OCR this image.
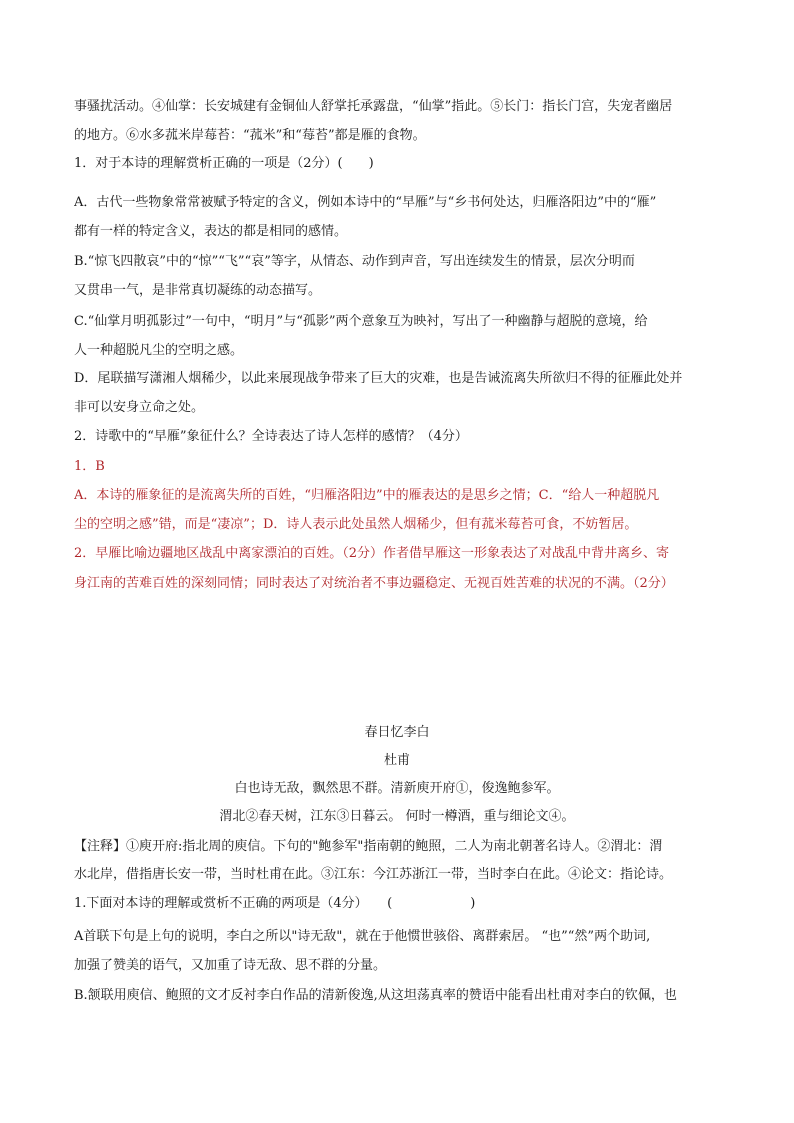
事骚扰活动。④仙掌：长安城建有金铜仙人舒掌托承露盘，“仙掌”指此。⑤长门：指长门宫，失宠者幽居
的地方。⑥水多菰米岸莓苔：“菰米”和“莓苔”都是雁的食物。
1．对于本诗的理解赏析正确的一项是（2分）(　　)
A．古代一些物象常常被赋予特定的含义，例如本诗中的“早雁”与“乡书何处达，归雁洛阳边”中的“雁”
都有一样的特定含义，表达的都是相同的感情。
B.“惊飞四散哀”中的“惊”“飞”“哀”等字，从情态、动作到声音，写出连续发生的情景，层次分明而
又贯串一气，是非常真切凝练的动态描写。
C.“仙掌月明孤影过”一句中，“明月”与“孤影”两个意象互为映衬，写出了一种幽静与超脱的意境，给
人一种超脱凡尘的空明之感。
D．尾联描写潇湘人烟稀少，以此来展现战争带来了巨大的灾难，也是告诫流离失所欲归不得的征雁此处并
非可以安身立命之处。
2．诗歌中的“早雁”象征什么？全诗表达了诗人怎样的感情？（4分）
1．B
A．本诗的雁象征的是流离失所的百姓，“归雁洛阳边”中的雁表达的是思乡之情；C．“给人一种超脱凡
尘的空明之感”错，而是“凄凉”；D．诗人表示此处虽然人烟稀少，但有菰米莓苔可食，不妨暂居。
2．早雁比喻边疆地区战乱中离家漂泊的百姓。（2分）作者借早雁这一形象表达了对战乱中背井离乡、寄
身江南的苦难百姓的深刻同情；同时表达了对统治者不事边疆稳定、无视百姓苦难的状况的不满。（2分）
春日忆李白
杜甫
白也诗无敌，飘然思不群。清新庾开府①，俊逸鲍参军。
渭北②春天树，江东③日暮云。 何时一樽酒，重与细论文④。
【注释】①庾开府:指北周的庾信。下句的"鲍参军"指南朝的鲍照，二人为南北朝著名诗人。②渭北：渭
水北岸，借指唐长安一带，当时杜甫在此。③江东：今江苏浙江一带，当时李白在此。④论文：指论诗。
1.下面对本诗的理解或赏析不正确的两项是（4分）　　(　　　　　　)
A首联下句是上句的说明，李白之所以"诗无敌"，就在于他惯世骇俗、离群索居。 “也”“然”两个助词,
加强了赞美的语气，又加重了诗无敌、思不群的分量。
B.颔联用庾信、鲍照的文才反衬李白作品的清新俊逸,从这坦荡真率的赞语中能看出杜甫对李白的钦佩，也
